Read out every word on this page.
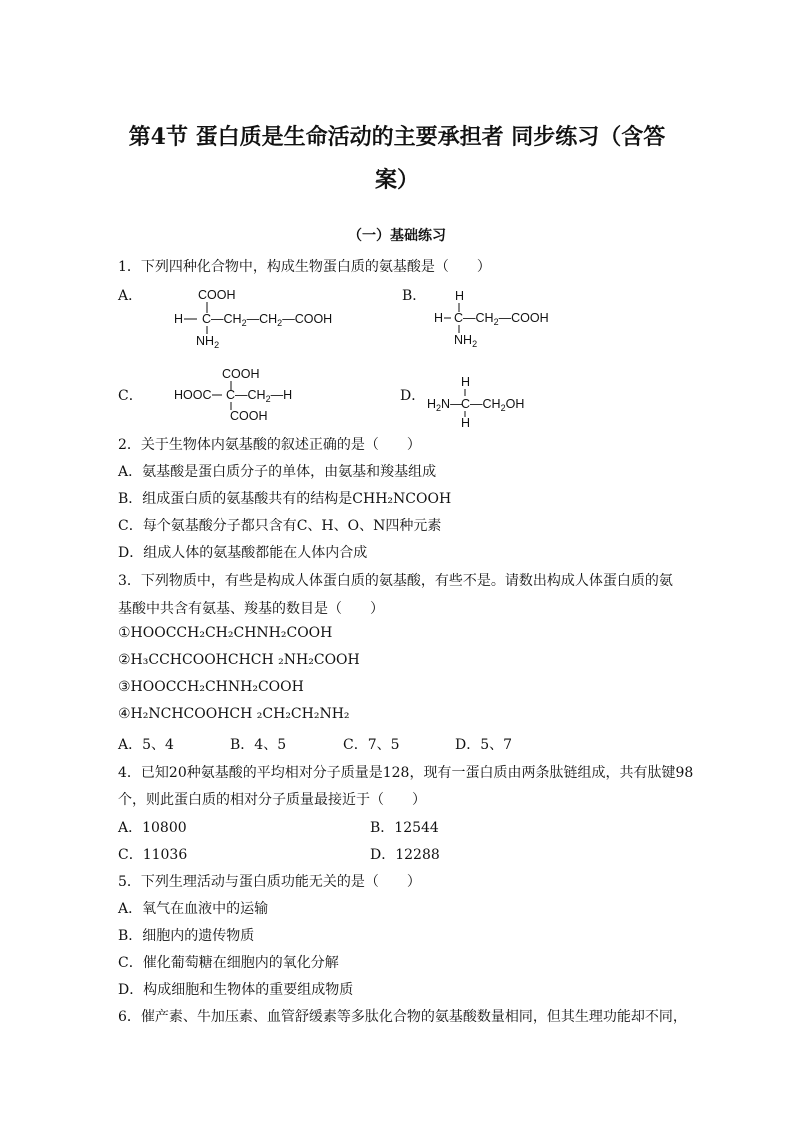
第4节 蛋白质是生命活动的主要承担者 同步练习（含答
案）
（一）基础练习
1．下列四种化合物中，构成生物蛋白质的氨基酸是（　　）
A．	COOH
H $C—CH_2—CH_2—COOH$
$NH_2$
B． H
H $C—CH_2—COOH$
$NH_2$
C．
COOH
HOOC $C—CH_2—H$
COOH
D．
H
$H_2N—$
$C—CH_2OH$
H
2．关于生物体内氨基酸的叙述正确的是（　　）
A．氨基酸是蛋白质分子的单体，由氨基和羧基组成
B．组成蛋白质的氨基酸共有的结构是CHH₂NCOOH
C．每个氨基酸分子都只含有C、H、O、N四种元素
D．组成人体的氨基酸都能在人体内合成
3．下列物质中，有些是构成人体蛋白质的氨基酸，有些不是。请数出构成人体蛋白质的氨
基酸中共含有氨基、羧基的数目是（　　）
①HOOCCH₂CH₂CHNH₂COOH
②H₃CCHCOOHCHCH ₂NH₂COOH
③HOOCCH₂CHNH₂COOH
④H₂NCHCOOHCH ₂CH₂CH₂NH₂
A．5、4	B．4、5	C．7、5	D．5、7
4．已知20种氨基酸的平均相对分子质量是128，现有一蛋白质由两条肽链组成，共有肽键98
个，则此蛋白质的相对分子质量最接近于（　　）
A．10800	B．12544
C．11036	D．12288
5．下列生理活动与蛋白质功能无关的是（　　）
A．氧气在血液中的运输
B．细胞内的遗传物质
C．催化葡萄糖在细胞内的氧化分解
D．构成细胞和生物体的重要组成物质
6．催产素、牛加压素、血管舒缓素等多肽化合物的氨基酸数量相同，但其生理功能却不同，
